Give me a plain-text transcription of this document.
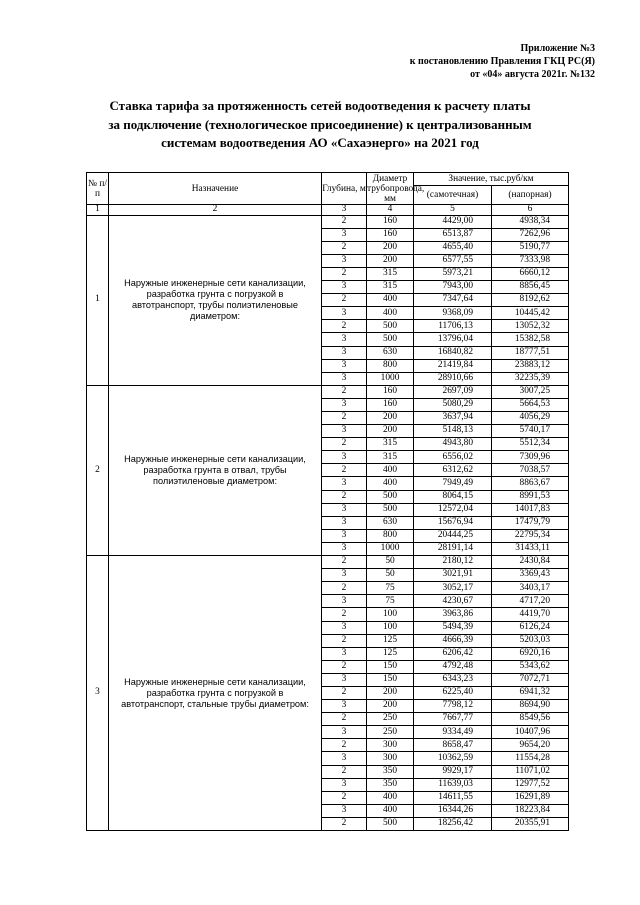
Приложение №3
к постановлению Правления ГКЦ РС(Я)
от «04» августа 2021г. №132
Ставка тарифа за протяженность сетей водоотведения к расчету платы
за подключение (технологическое присоединение) к централизованным
системам водоотведения АО «Сахаэнерго» на 2021 год
№ п/п	Назначение	Глубина, м	Диаметр трубопровода, мм	Значение, тыс.руб/км	
				(самотечная)	(напорная)
1	2	3	4	5	6
1	Наружные инженерные сети канализации, разработка грунта с погрузкой в автотранспорт, трубы полиэтиленовые диаметром:	2	160	4429,00	4938,34
		3	160	6513,87	7262,96
		2	200	4655,40	5190,77
		3	200	6577,55	7333,98
		2	315	5973,21	6660,12
		3	315	7943,00	8856,45
		2	400	7347,64	8192,62
		3	400	9368,09	10445,42
		2	500	11706,13	13052,32
		3	500	13796,04	15382,58
		3	630	16840,82	18777,51
		3	800	21419,84	23883,12
		3	1000	28910,66	32235,39
2	Наружные инженерные сети канализации, разработка грунта в отвал, трубы полиэтиленовые диаметром:	2	160	2697,09	3007,25
		3	160	5080,29	5664,53
		2	200	3637,94	4056,29
		3	200	5148,13	5740,17
		2	315	4943,80	5512,34
		3	315	6556,02	7309,96
		2	400	6312,62	7038,57
		3	400	7949,49	8863,67
		2	500	8064,15	8991,53
		3	500	12572,04	14017,83
		3	630	15676,94	17479,79
		3	800	20444,25	22795,34
		3	1000	28191,14	31433,11
3	Наружные инженерные сети канализации, разработка грунта с погрузкой в автотранспорт, стальные трубы диаметром:	2	50	2180,12	2430,84
		3	50	3021,91	3369,43
		2	75	3052,17	3403,17
		3	75	4230,67	4717,20
		2	100	3963,86	4419,70
		3	100	5494,39	6126,24
		2	125	4666,39	5203,03
		3	125	6206,42	6920,16
		2	150	4792,48	5343,62
		3	150	6343,23	7072,71
		2	200	6225,40	6941,32
		3	200	7798,12	8694,90
		2	250	7667,77	8549,56
		3	250	9334,49	10407,96
		2	300	8658,47	9654,20
		3	300	10362,59	11554,28
		2	350	9929,17	11071,02
		3	350	11639,03	12977,52
		2	400	14611,55	16291,89
		3	400	16344,26	18223,84
		2	500	18256,42	20355,91
